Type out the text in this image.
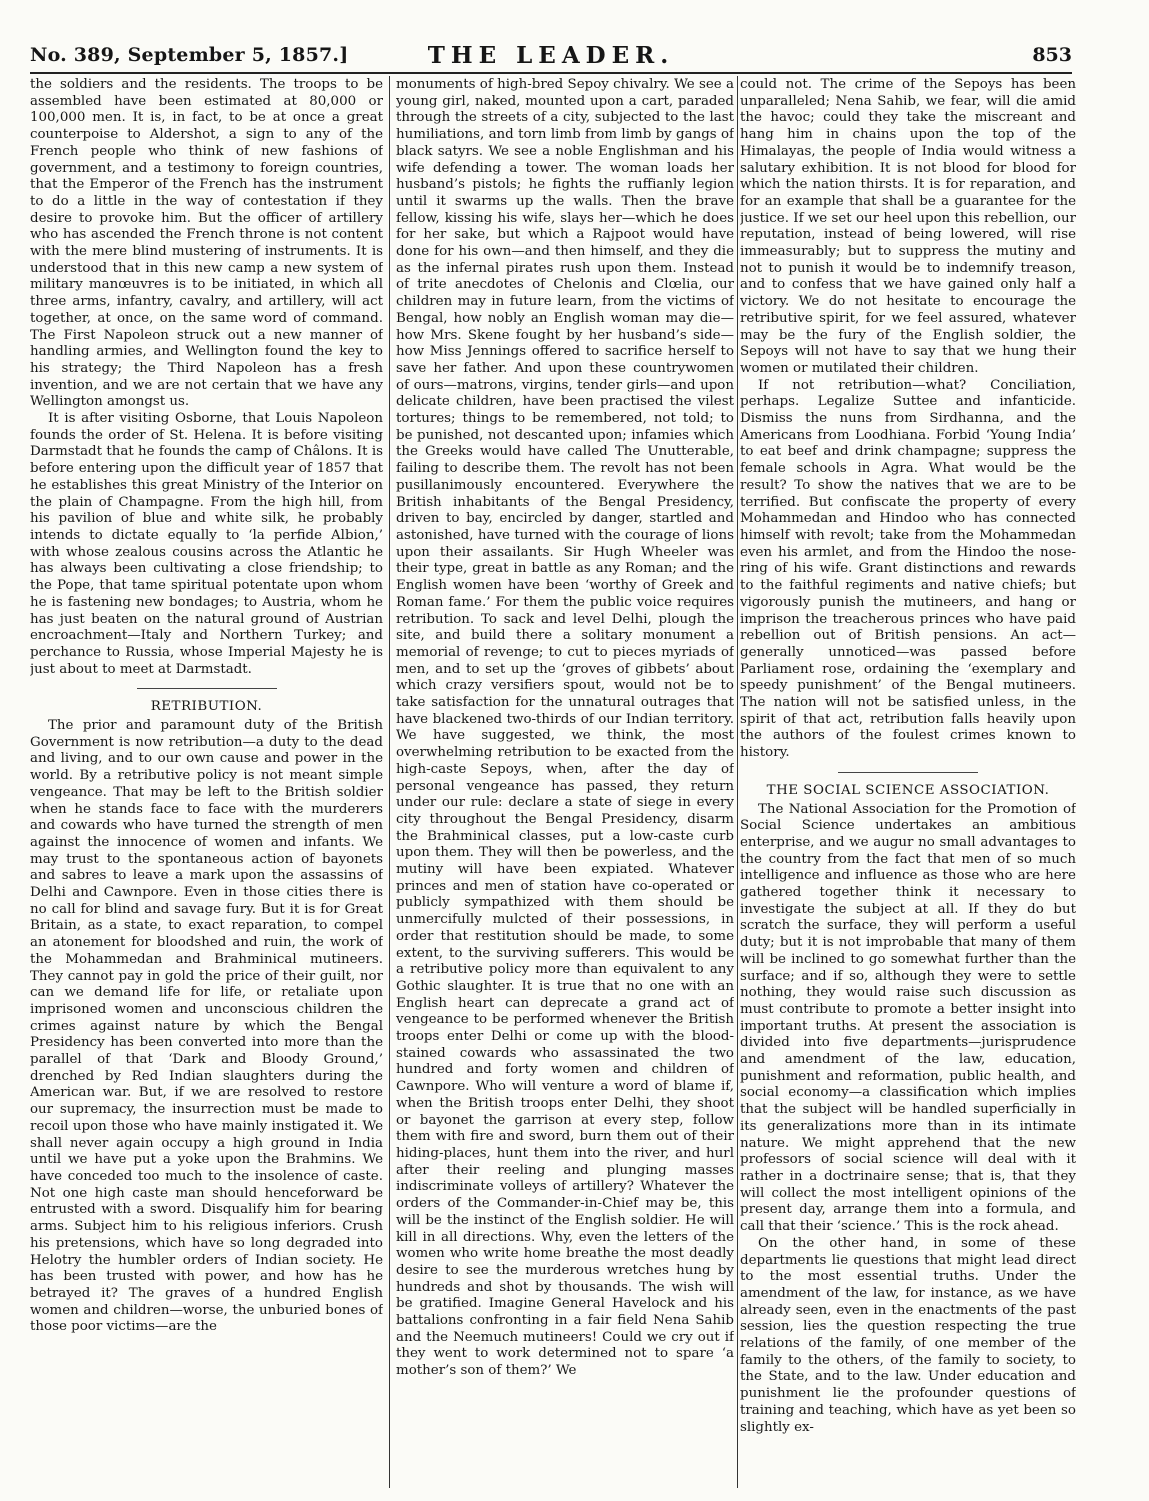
No. 389, September 5, 1857.]	THE LEADER.	853

the soldiers and the residents. The troops to be assembled have been estimated at 80,000 or 100,000 men. It is, in fact, to be at once a great counterpoise to Aldershot, a sign to any of the French people who think of new fashions of government, and a testimony to foreign countries, that the Emperor of the French has the instrument to do a little in the way of contestation if they desire to provoke him. But the officer of artillery who has ascended the French throne is not content with the mere blind mustering of instruments. It is understood that in this new camp a new system of military manœuvres is to be initiated, in which all three arms, infantry, cavalry, and artillery, will act together, at once, on the same word of command. The First Napoleon struck out a new manner of handling armies, and Wellington found the key to his strategy; the Third Napoleon has a fresh invention, and we are not certain that we have any Wellington amongst us.

It is after visiting Osborne, that Louis Napoleon founds the order of St. Helena. It is before visiting Darmstadt that he founds the camp of Châlons. It is before entering upon the difficult year of 1857 that he establishes this great Ministry of the Interior on the plain of Champagne. From the high hill, from his pavilion of blue and white silk, he probably intends to dictate equally to ‘la perfide Albion,’ with whose zealous cousins across the Atlantic he has always been cultivating a close friendship; to the Pope, that tame spiritual potentate upon whom he is fastening new bondages; to Austria, whom he has just beaten on the natural ground of Austrian encroachment—Italy and Northern Turkey; and perchance to Russia, whose Imperial Majesty he is just about to meet at Darmstadt.

RETRIBUTION.

The prior and paramount duty of the British Government is now retribution—a duty to the dead and living, and to our own cause and power in the world. By a retributive policy is not meant simple vengeance. That may be left to the British soldier when he stands face to face with the murderers and cowards who have turned the strength of men against the innocence of women and infants. We may trust to the spontaneous action of bayonets and sabres to leave a mark upon the assassins of Delhi and Cawnpore. Even in those cities there is no call for blind and savage fury. But it is for Great Britain, as a state, to exact reparation, to compel an atonement for bloodshed and ruin, the work of the Mohammedan and Brahminical mutineers. They cannot pay in gold the price of their guilt, nor can we demand life for life, or retaliate upon imprisoned women and unconscious children the crimes against nature by which the Bengal Presidency has been converted into more than the parallel of that ‘Dark and Bloody Ground,’ drenched by Red Indian slaughters during the American war. But, if we are resolved to restore our supremacy, the insurrection must be made to recoil upon those who have mainly instigated it. We shall never again occupy a high ground in India until we have put a yoke upon the Brahmins. We have conceded too much to the insolence of caste. Not one high caste man should henceforward be entrusted with a sword. Disqualify him for bearing arms. Subject him to his religious inferiors. Crush his pretensions, which have so long degraded into Helotry the humbler orders of Indian society. He has been trusted with power, and how has he betrayed it? The graves of a hundred English women and children—worse, the unburied bones of those poor victims—are the

monuments of high-bred Sepoy chivalry. We see a young girl, naked, mounted upon a cart, paraded through the streets of a city, subjected to the last humiliations, and torn limb from limb by gangs of black satyrs. We see a noble Englishman and his wife defending a tower. The woman loads her husband’s pistols; he fights the ruffianly legion until it swarms up the walls. Then the brave fellow, kissing his wife, slays her—which he does for her sake, but which a Rajpoot would have done for his own—and then himself, and they die as the infernal pirates rush upon them. Instead of trite anecdotes of Chelonis and Clœlia, our children may in future learn, from the victims of Bengal, how nobly an English woman may die—how Mrs. Skene fought by her husband’s side—how Miss Jennings offered to sacrifice herself to save her father. And upon these countrywomen of ours—matrons, virgins, tender girls—and upon delicate children, have been practised the vilest tortures; things to be remembered, not told; to be punished, not descanted upon; infamies which the Greeks would have called The Unutterable, failing to describe them. The revolt has not been pusillanimously encountered. Everywhere the British inhabitants of the Bengal Presidency, driven to bay, encircled by danger, startled and astonished, have turned with the courage of lions upon their assailants. Sir Hugh Wheeler was their type, great in battle as any Roman; and the English women have been ‘worthy of Greek and Roman fame.’ For them the public voice requires retribution. To sack and level Delhi, plough the site, and build there a solitary monument a memorial of revenge; to cut to pieces myriads of men, and to set up the ‘groves of gibbets’ about which crazy versifiers spout, would not be to take satisfaction for the unnatural outrages that have blackened two-thirds of our Indian territory. We have suggested, we think, the most overwhelming retribution to be exacted from the high-caste Sepoys, when, after the day of personal vengeance has passed, they return under our rule: declare a state of siege in every city throughout the Bengal Presidency, disarm the Brahminical classes, put a low-caste curb upon them. They will then be powerless, and the mutiny will have been expiated. Whatever princes and men of station have co-operated or publicly sympathized with them should be unmercifully mulcted of their possessions, in order that restitution should be made, to some extent, to the surviving sufferers. This would be a retributive policy more than equivalent to any Gothic slaughter. It is true that no one with an English heart can deprecate a grand act of vengeance to be performed whenever the British troops enter Delhi or come up with the blood-stained cowards who assassinated the two hundred and forty women and children of Cawnpore. Who will venture a word of blame if, when the British troops enter Delhi, they shoot or bayonet the garrison at every step, follow them with fire and sword, burn them out of their hiding-places, hunt them into the river, and hurl after their reeling and plunging masses indiscriminate volleys of artillery? Whatever the orders of the Commander-in-Chief may be, this will be the instinct of the English soldier. He will kill in all directions. Why, even the letters of the women who write home breathe the most deadly desire to see the murderous wretches hung by hundreds and shot by thousands. The wish will be gratified. Imagine General Havelock and his battalions confronting in a fair field Nena Sahib and the Neemuch mutineers! Could we cry out if they went to work determined not to spare ‘a mother’s son of them?’ We

could not. The crime of the Sepoys has been unparalleled; Nena Sahib, we fear, will die amid the havoc; could they take the miscreant and hang him in chains upon the top of the Himalayas, the people of India would witness a salutary exhibition. It is not blood for blood for which the nation thirsts. It is for reparation, and for an example that shall be a guarantee for the justice. If we set our heel upon this rebellion, our reputation, instead of being lowered, will rise immeasurably; but to suppress the mutiny and not to punish it would be to indemnify treason, and to confess that we have gained only half a victory. We do not hesitate to encourage the retributive spirit, for we feel assured, whatever may be the fury of the English soldier, the Sepoys will not have to say that we hung their women or mutilated their children.

If not retribution—what? Conciliation, perhaps. Legalize Suttee and infanticide. Dismiss the nuns from Sirdhanna, and the Americans from Loodhiana. Forbid ‘Young India’ to eat beef and drink champagne; suppress the female schools in Agra. What would be the result? To show the natives that we are to be terrified. But confiscate the property of every Mohammedan and Hindoo who has connected himself with revolt; take from the Mohammedan even his armlet, and from the Hindoo the nose-ring of his wife. Grant distinctions and rewards to the faithful regiments and native chiefs; but vigorously punish the mutineers, and hang or imprison the treacherous princes who have paid rebellion out of British pensions. An act—generally unnoticed—was passed before Parliament rose, ordaining the ‘exemplary and speedy punishment’ of the Bengal mutineers. The nation will not be satisfied unless, in the spirit of that act, retribution falls heavily upon the authors of the foulest crimes known to history.

THE SOCIAL SCIENCE ASSOCIATION.

The National Association for the Promotion of Social Science undertakes an ambitious enterprise, and we augur no small advantages to the country from the fact that men of so much intelligence and influence as those who are here gathered together think it necessary to investigate the subject at all. If they do but scratch the surface, they will perform a useful duty; but it is not improbable that many of them will be inclined to go somewhat further than the surface; and if so, although they were to settle nothing, they would raise such discussion as must contribute to promote a better insight into important truths. At present the association is divided into five departments—jurisprudence and amendment of the law, education, punishment and reformation, public health, and social economy—a classification which implies that the subject will be handled superficially in its generalizations more than in its intimate nature. We might apprehend that the new professors of social science will deal with it rather in a doctrinaire sense; that is, that they will collect the most intelligent opinions of the present day, arrange them into a formula, and call that their ‘science.’ This is the rock ahead.

On the other hand, in some of these departments lie questions that might lead direct to the most essential truths. Under the amendment of the law, for instance, as we have already seen, even in the enactments of the past session, lies the question respecting the true relations of the family, of one member of the family to the others, of the family to society, to the State, and to the law. Under education and punishment lie the profounder questions of training and teaching, which have as yet been so slightly ex-
